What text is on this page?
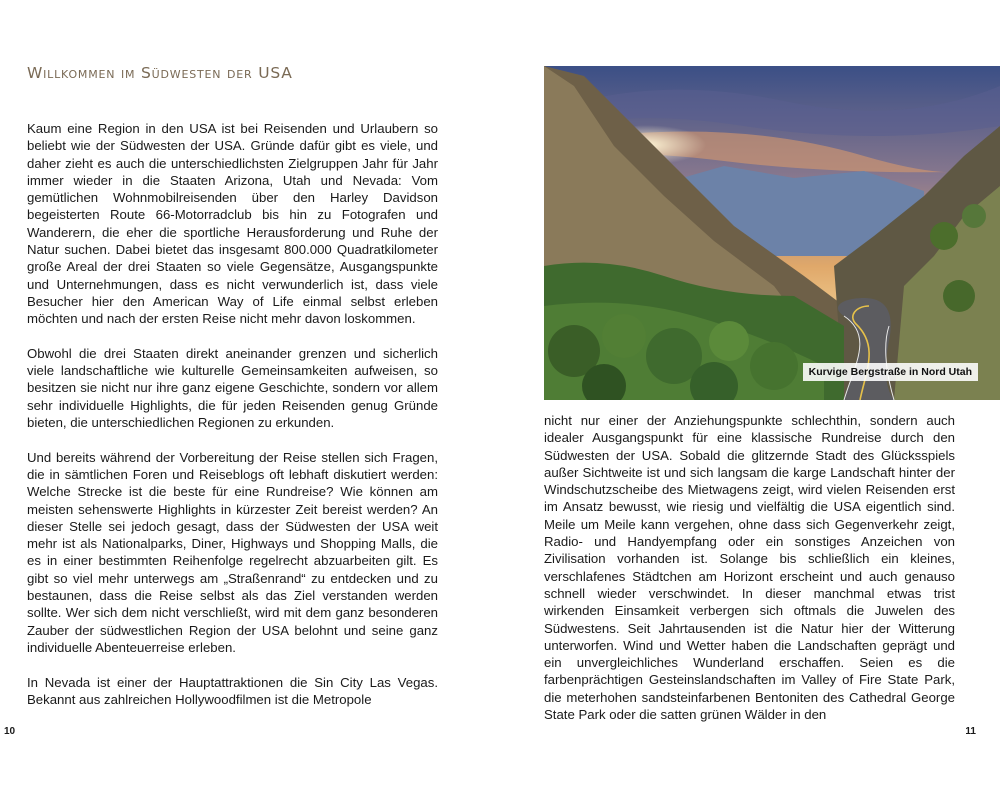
Willkommen im Südwesten der USA

Kaum eine Region in den USA ist bei Reisenden und Urlaubern so beliebt wie der Südwesten der USA. Gründe dafür gibt es viele, und daher zieht es auch die unterschiedlichsten Zielgruppen Jahr für Jahr immer wieder in die Staaten Arizona, Utah und Nevada: Vom gemütlichen Wohnmobilreisenden über den Harley Davidson begeisterten Route 66-Motorradclub bis hin zu Fotografen und Wanderern, die eher die sportliche Herausforderung und Ruhe der Natur suchen. Dabei bietet das insgesamt 800.000 Quadratkilometer große Areal der drei Staaten so viele Gegensätze, Ausgangspunkte und Unternehmungen, dass es nicht verwunderlich ist, dass viele Besucher hier den American Way of Life einmal selbst erleben möchten und nach der ersten Reise nicht mehr davon loskommen.

Obwohl die drei Staaten direkt aneinander grenzen und sicherlich viele landschaftliche wie kulturelle Gemeinsamkeiten aufweisen, so besitzen sie nicht nur ihre ganz eigene Geschichte, sondern vor allem sehr individuelle Highlights, die für jeden Reisenden genug Gründe bieten, die unterschiedlichen Regionen zu erkunden.

Und bereits während der Vorbereitung der Reise stellen sich Fragen, die in sämtlichen Foren und Reiseblogs oft lebhaft diskutiert werden: Welche Strecke ist die beste für eine Rundreise? Wie können am meisten sehenswerte Highlights in kürzester Zeit bereist werden? An dieser Stelle sei jedoch gesagt, dass der Südwesten der USA weit mehr ist als Nationalparks, Diner, Highways und Shopping Malls, die es in einer bestimmten Reihenfolge regelrecht abzuarbeiten gilt. Es gibt so viel mehr unterwegs am „Straßenrand“ zu entdecken und zu bestaunen, dass die Reise selbst als das Ziel verstanden werden sollte. Wer sich dem nicht verschließt, wird mit dem ganz besonderen Zauber der südwestlichen Region der USA belohnt und seine ganz individuelle Abenteuerreise erleben.

In Nevada ist einer der Hauptattraktionen die Sin City Las Vegas. Bekannt aus zahlreichen Hollywoodfilmen ist die Metropole

10
Kurvige Bergstraße in Nord Utah

nicht nur einer der Anziehungspunkte schlechthin, sondern auch idealer Ausgangspunkt für eine klassische Rundreise durch den Südwesten der USA. Sobald die glitzernde Stadt des Glücksspiels außer Sichtweite ist und sich langsam die karge Landschaft hinter der Windschutzscheibe des Mietwagens zeigt, wird vielen Reisenden erst im Ansatz bewusst, wie riesig und vielfältig die USA eigentlich sind. Meile um Meile kann vergehen, ohne dass sich Gegenverkehr zeigt, Radio- und Handyempfang oder ein sonstiges Anzeichen von Zivilisation vorhanden ist. Solange bis schließlich ein kleines, verschlafenes Städtchen am Horizont erscheint und auch genauso schnell wieder verschwindet. In dieser manchmal etwas trist wirkenden Einsamkeit verbergen sich oftmals die Juwelen des Südwestens. Seit Jahrtausenden ist die Natur hier der Witterung unterworfen. Wind und Wetter haben die Landschaften geprägt und ein unvergleichliches Wunderland erschaffen. Seien es die farbenprächtigen Gesteinslandschaften im Valley of Fire State Park, die meterhohen sandsteinfarbenen Bentoniten des Cathedral George State Park oder die satten grünen Wälder in den

11
